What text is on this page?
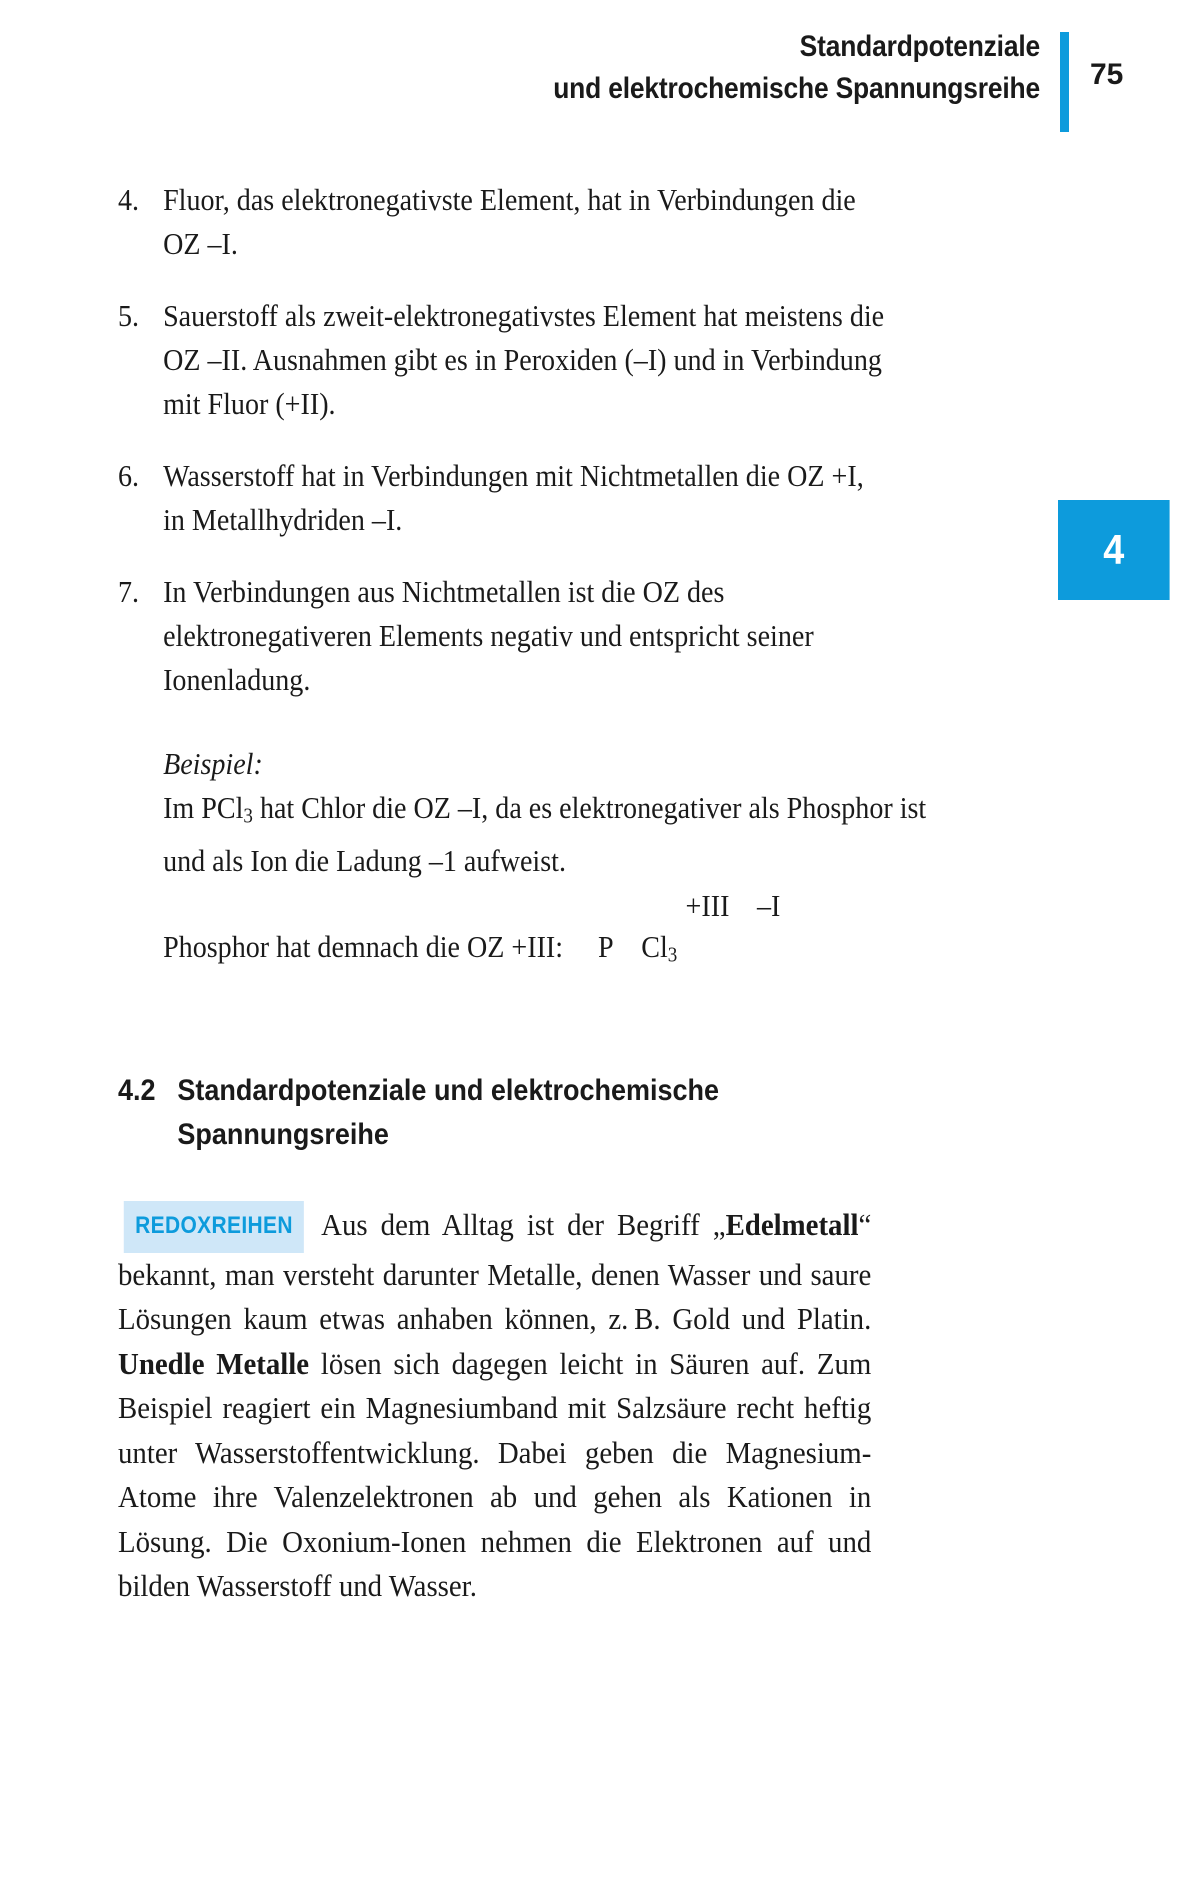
Standardpotenziale
und elektrochemische Spannungsreihe 75
4
4. Fluor, das elektronegativste Element, hat in Verbindungen die OZ –I.
5. Sauerstoff als zweit-elektronegativstes Element hat meistens die OZ –II. Ausnahmen gibt es in Peroxiden (–I) und in Verbindung mit Fluor (+II).
6. Wasserstoff hat in Verbindungen mit Nichtmetallen die OZ +I, in Metallhydriden –I.
7. In Verbindungen aus Nichtmetallen ist die OZ des elektronegativeren Elements negativ und entspricht seiner Ionenladung.
Beispiel:
Im PCl$_3$ hat Chlor die OZ –I, da es elektronegativer als Phosphor ist und als Ion die Ladung –1 aufweist.
+III –I
Phosphor hat demnach die OZ +III: P $Cl_3$
4.2 Standardpotenziale und elektrochemische
Spannungsreihe

REDOXREIHEN Aus dem Alltag ist der Begriff „Edelmetall“ bekannt, man versteht darunter Metalle, denen Wasser und saure Lösungen kaum etwas anhaben können, z. B. Gold und Platin. Unedle Metalle lösen sich dagegen leicht in Säuren auf. Zum Beispiel reagiert ein Magnesiumband mit Salzsäure recht heftig unter Wasserstoffentwicklung. Dabei geben die Magnesium-Atome ihre Valenzelektronen ab und gehen als Kationen in Lösung. Die Oxonium-Ionen nehmen die Elektronen auf und bilden Wasserstoff und Wasser.
